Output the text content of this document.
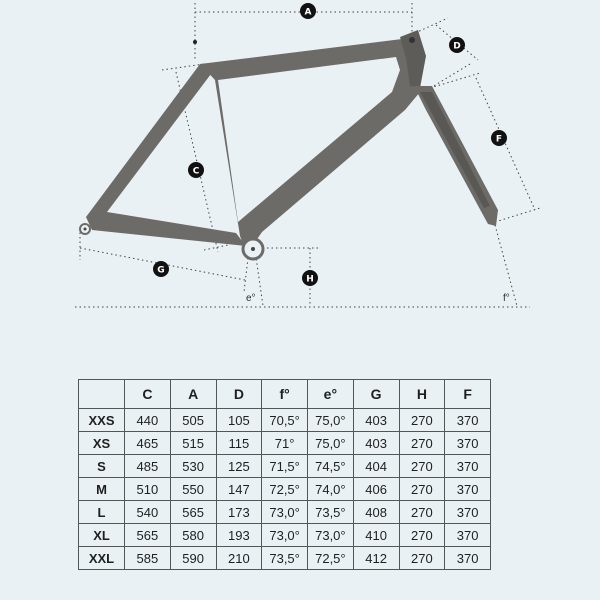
A
D
F
C
G
H
e°	f°
	C	A	D	f°	e°	G	H	F
XXS	440	505	105	70,5°	75,0°	403	270	370
XS	465	515	115	71°	75,0°	403	270	370
S	485	530	125	71,5°	74,5°	404	270	370
M	510	550	147	72,5°	74,0°	406	270	370
L	540	565	173	73,0°	73,5°	408	270	370
XL	565	580	193	73,0°	73,0°	410	270	370
XXL	585	590	210	73,5°	72,5°	412	270	370
